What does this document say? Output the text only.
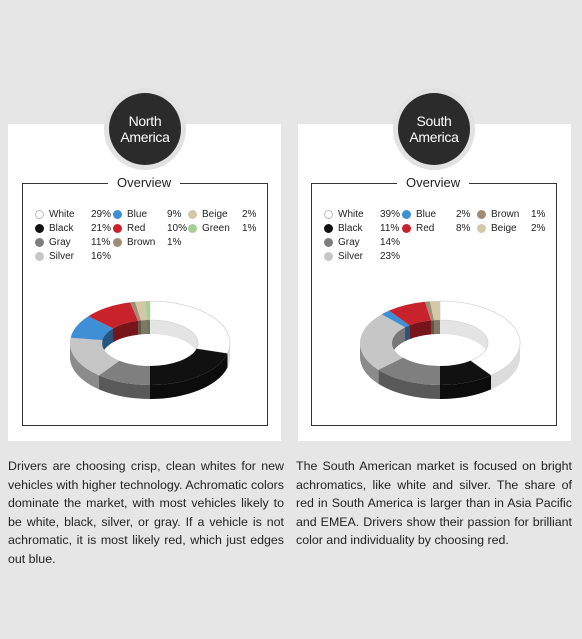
North
America
Overview
White	29%
Black	21%
Gray	11%
Silver	16%
Blue	9%
Red	10%
Brown	1%
Beige	2%
Green	1%
South
America
Overview
White	39%
Black	11%
Gray	14%
Silver	23%
Blue	2%
Red	8%
Brown	1%
Beige	2%
Drivers are choosing crisp, clean whites for new vehicles with higher technology. Achromatic colors dominate the market, with most vehicles likely to be white, black, silver, or gray. If a vehicle is not achromatic, it is most likely red, which just edges out blue.
The South American market is focused on bright achromatics, like white and silver. The share of red in South America is larger than in Asia Pacific and EMEA. Drivers show their passion for brilliant color and individuality by choosing red.
